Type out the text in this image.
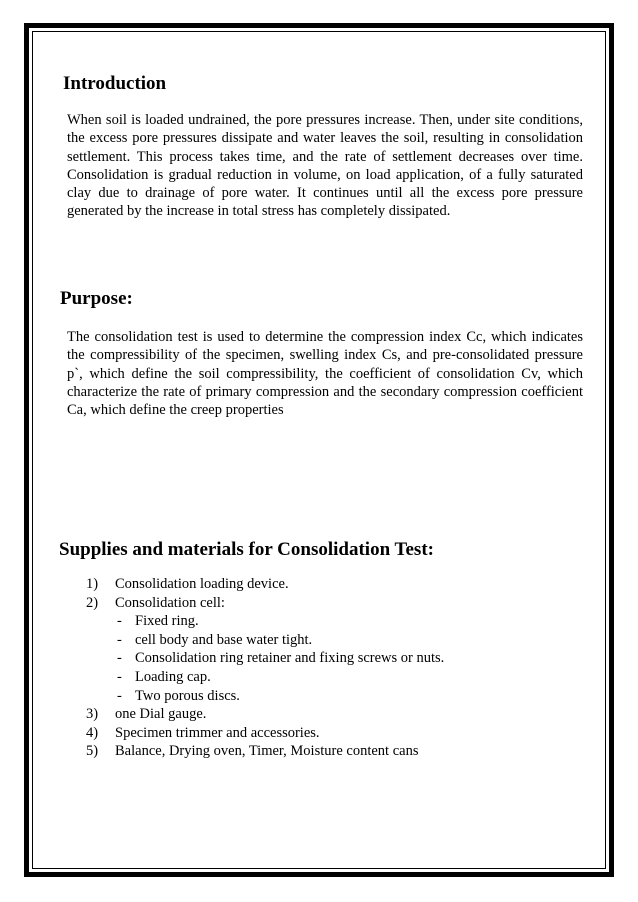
Introduction

When soil is loaded undrained, the pore pressures increase. Then, under site conditions, the excess pore pressures dissipate and water leaves the soil, resulting in consolidation settlement. This process takes time, and the rate of settlement decreases over time. Consolidation is gradual reduction in volume, on load application, of a fully saturated clay due to drainage of pore water. It continues until all the excess pore pressure generated by the increase in total stress has completely dissipated.

Purpose:

The consolidation test is used to determine the compression index Cc, which indicates the compressibility of the specimen, swelling index Cs, and pre-consolidated pressure p`, which define the soil compressibility, the coefficient of consolidation Cv, which characterize the rate of primary compression and the secondary compression coefficient Ca, which define the creep properties

Supplies and materials for Consolidation Test:
1) Consolidation loading device.
2) Consolidation cell:
- Fixed ring.
- cell body and base water tight.
- Consolidation ring retainer and fixing screws or nuts.
- Loading cap.
- Two porous discs.
3) one Dial gauge.
4) Specimen trimmer and accessories.
5) Balance, Drying oven, Timer, Moisture content cans
